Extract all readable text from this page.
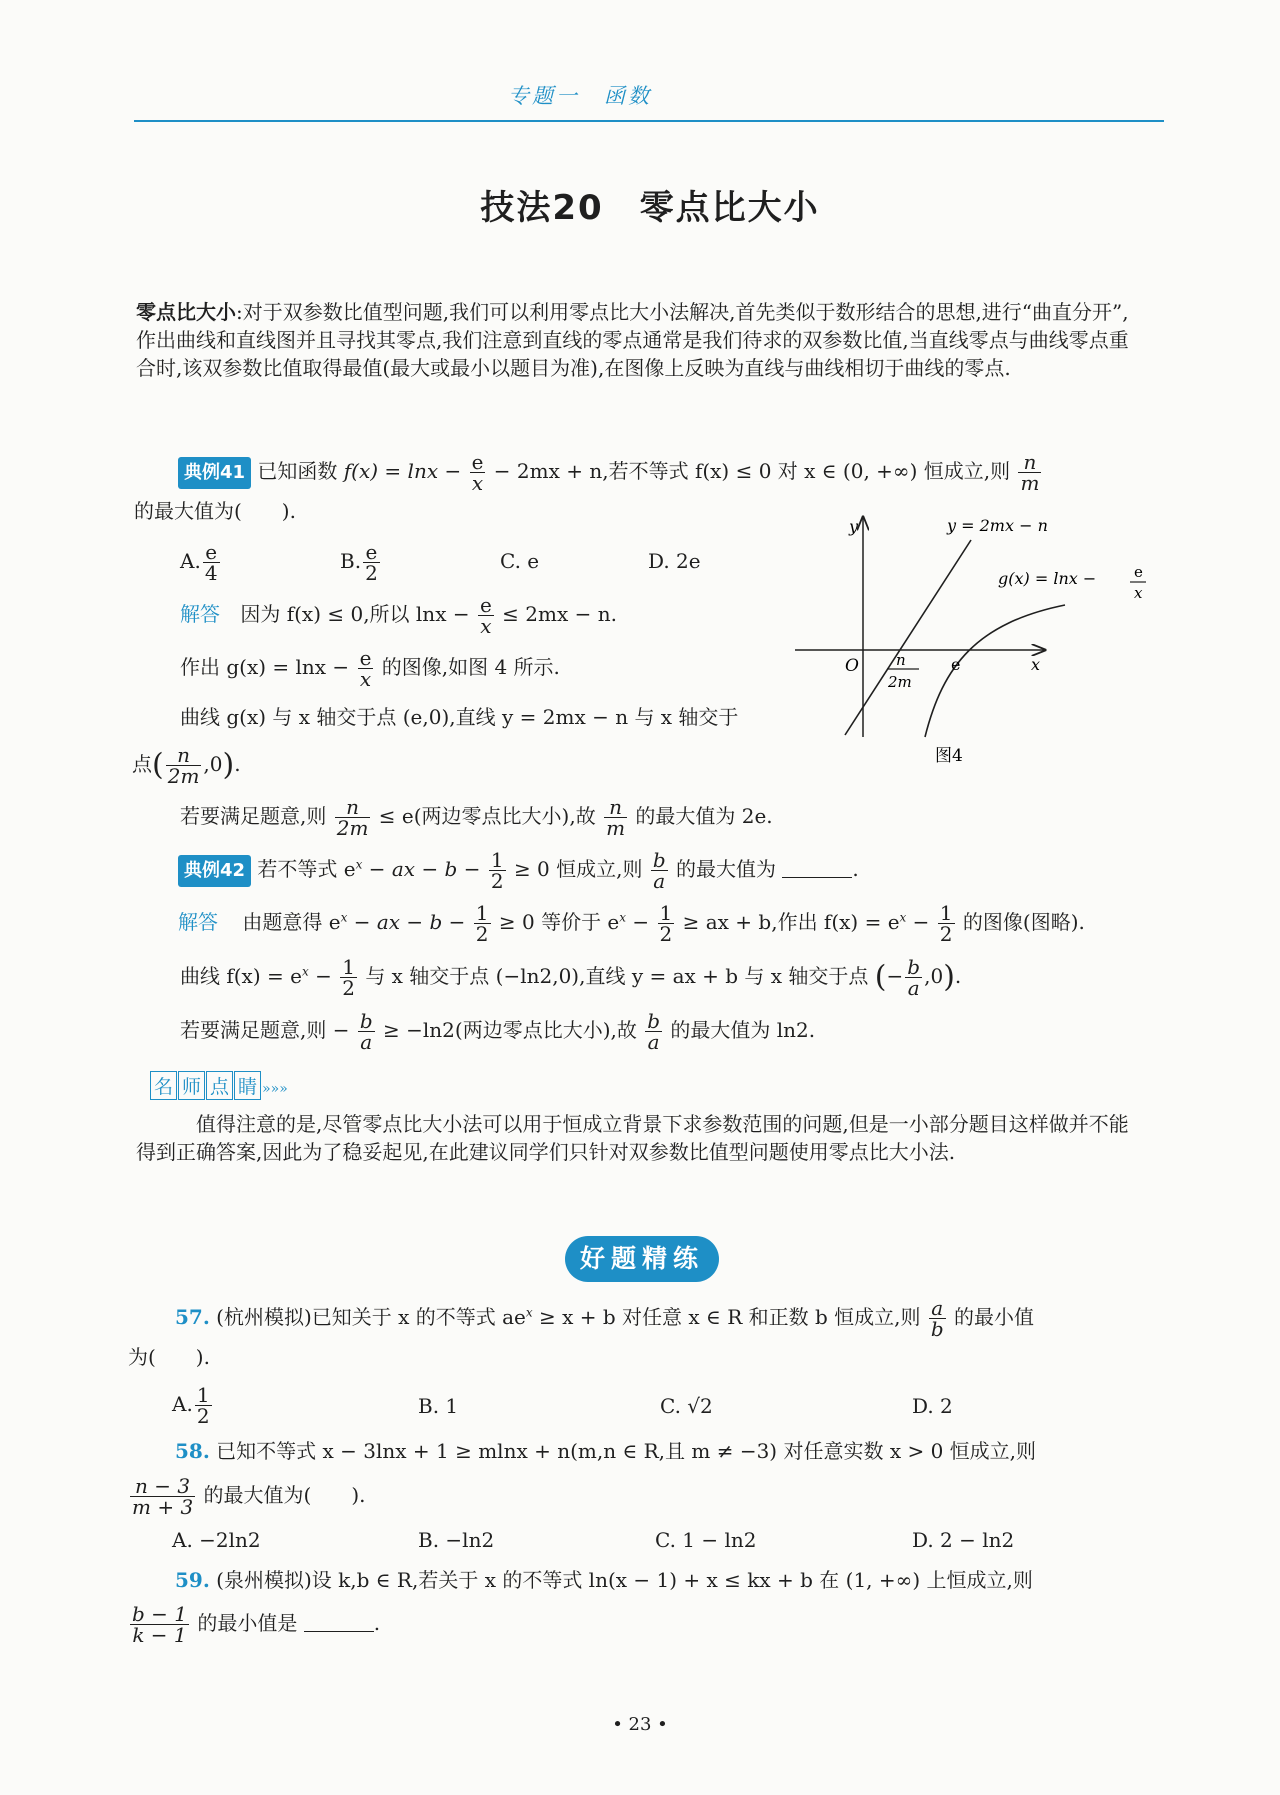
专题一　函数
技法20　零点比大小
零点比大小:对于双参数比值型问题,我们可以利用零点比大小法解决,首先类似于数形结合的思想,进行“曲直分开”,作出曲线和直线图并且寻找其零点,我们注意到直线的零点通常是我们待求的双参数比值,当直线零点与曲线零点重合时,该双参数比值取得最值(最大或最小以题目为准),在图像上反映为直线与曲线相切于曲线的零点.
典例41 已知函数 $f(x) = \ln x - \frac{e}{x} - 2mx + n$,若不等式 f(x) ≤ 0 对 x ∈ (0, +∞) 恒成立,则 $\frac{n}{m}$
的最大值为(　　).
A. $\frac{e}{4}$	B. $\frac{e}{2}$	C. e	D. 2e
解答 因为 f(x) ≤ 0,所以 $\ln x - \frac{e}{x} \le 2mx - n$.
作出 $g(x) = \ln x - \frac{e}{x}$ 的图像,如图 4 所示.
曲线 g(x) 与 x 轴交于点 (e,0),直线 y = 2mx − n 与 x 轴交于
点( $\frac{n}{2m} ,0$).
若要满足题意,则 $\frac{n}{2m} \le e$(两边零点比大小),故 $\frac{n}{m}$ 的最大值为 2e.
y
x
O
y = 2mx − n
g(x) = lnx −	e
x
n
2m
e
图4
典例42 若不等式 $e^x$ − ax − $b - \frac{1}{2} \ge 0$ 恒成立,则 $\frac{b}{a}$ 的最大值为	.
解答 由题意得 $e^x$ − ax − $b - \frac{1}{2} \ge 0$ 等价于 $e^x - \frac{1}{2}$ ≥ ax + b,作出 $f(x) = e^x - \frac{1}{2}$ 的图像(图略).
曲线 $f(x) = e^x - \frac{1}{2}$ 与 x 轴交于点 (−ln2,0),直线 y = ax + b 与 x 轴交于点 (− $\frac{b}{a} ,0$).
若要满足题意,则 − $\frac{b}{a} \ge -\ln 2$(两边零点比大小),故 $\frac{b}{a}$ 的最大值为 ln2.
名 师 点 睛 »»»
值得注意的是,尽管零点比大小法可以用于恒成立背景下求参数范围的问题,但是一小部分题目这样做并不能得到正确答案,因此为了稳妥起见,在此建议同学们只针对双参数比值型问题使用零点比大小法.
好题精练
57. (杭州模拟)已知关于 x 的不等式 $ae^x \ge x + b$ 对任意 x ∈ R 和正数 b 恒成立,则 $\frac{a}{b}$ 的最小值
为(　　).
A. $\frac{1}{2}$	B. 1	C. √2	D. 2
58. 已知不等式 x − 3lnx + 1 ≥ mlnx + n(m,n ∈ R,且 m ≠ −3) 对任意实数 x > 0 恒成立,则
$\frac{n - 3}{m + 3}$ 的最大值为(　　).
A. −2ln2	B. −ln2	C. 1 − ln2	D. 2 − ln2
59. (泉州模拟)设 k,b ∈ R,若关于 x 的不等式 ln(x − 1) + x ≤ kx + b 在 (1, +∞) 上恒成立,则
$\frac{b - 1}{k - 1}$ 的最小值是	.
• 23 •
